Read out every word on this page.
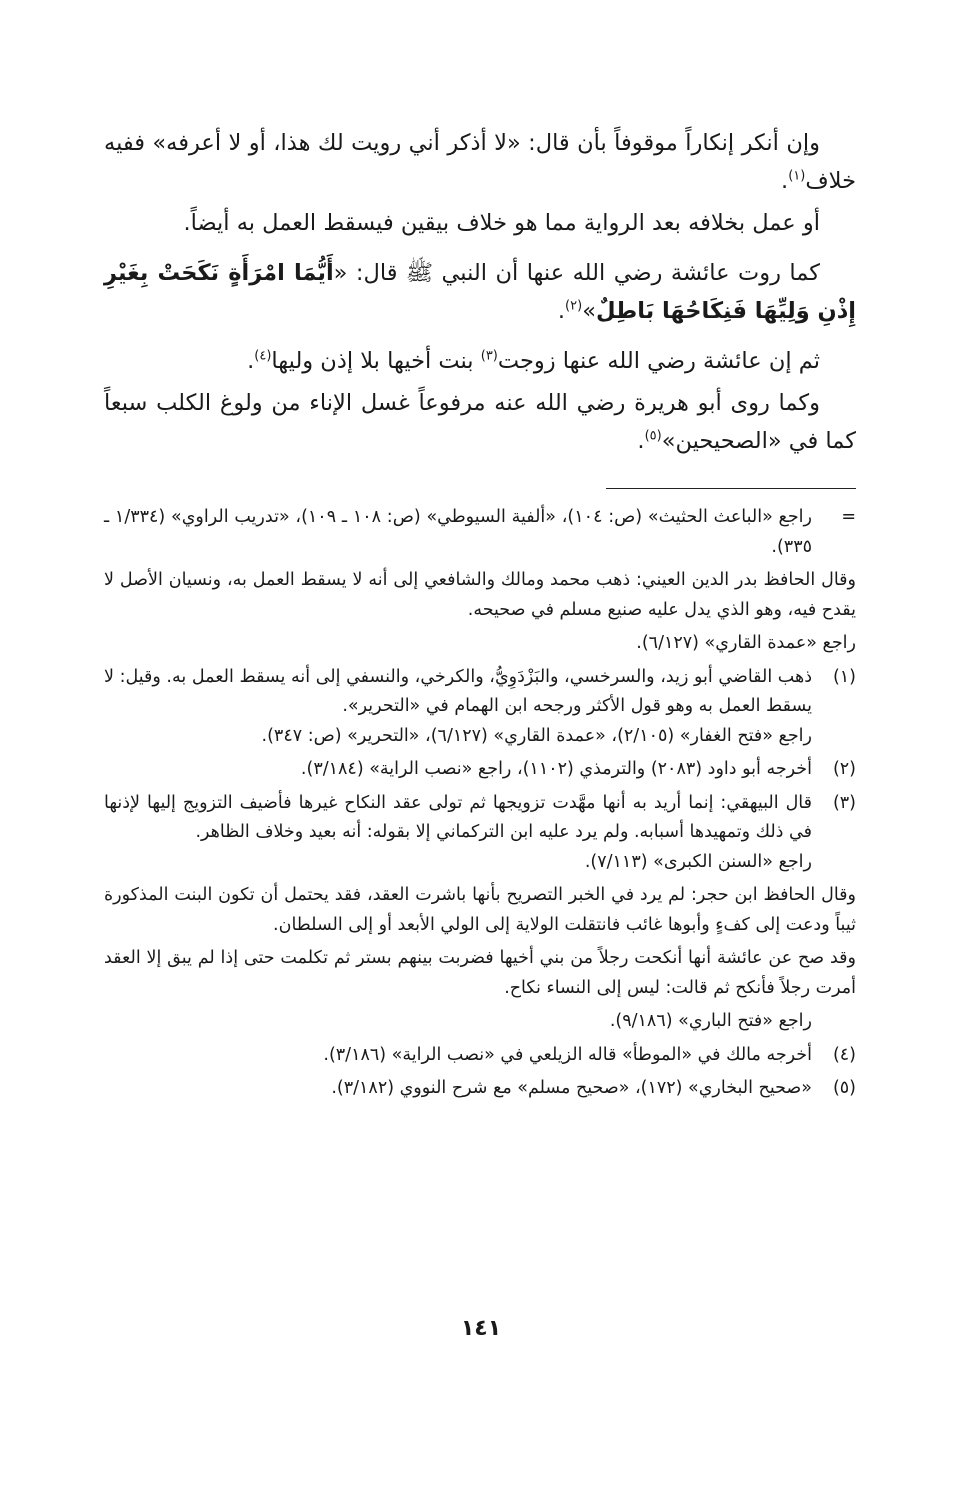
وإن أنكر إنكاراً موقوفاً بأن قال: «لا أذكر أني رويت لك هذا، أو لا أعرفه» ففيه خلاف$^{(١)}$.

أو عمل بخلافه بعد الرواية مما هو خلاف بيقين فيسقط العمل به أيضاً.

كما روت عائشة رضي الله عنها أن النبي ﷺ قال: «أَيُّمَا امْرَأَةٍ نَكَحَتْ بِغَيْرِ إِذْنِ وَلِيِّهَا فَنِكَاحُهَا بَاطِلٌ»$^{(٢)}$.

ثم إن عائشة رضي الله عنها زوجت$^{(٣)}$ بنت أخيها بلا إذن وليها$^{(٤)}$.

وكما روى أبو هريرة رضي الله عنه مرفوعاً غسل الإناء من ولوغ الكلب سبعاً كما في «الصحيحين»$^{(٥)}$.

=
راجع «الباعث الحثيث» (ص: ١٠٤)، «ألفية السيوطي» (ص: ١٠٨ ـ ١٠٩)، «تدريب الراوي» (١/٣٣٤ ـ ٣٣٥).
وقال الحافظ بدر الدين العيني: ذهب محمد ومالك والشافعي إلى أنه لا يسقط العمل به، ونسيان الأصل لا يقدح فيه، وهو الذي يدل عليه صنيع مسلم في صحيحه.
راجع «عمدة القاري» (٦/١٢٧).
(١)
ذهب القاضي أبو زيد، والسرخسي، والبَزْدَوِيُّ، والكرخي، والنسفي إلى أنه يسقط العمل به. وقيل: لا يسقط العمل به وهو قول الأكثر ورجحه ابن الهمام في «التحرير».
راجع «فتح الغفار» (٢/١٠٥)، «عمدة القاري» (٦/١٢٧)، «التحرير» (ص: ٣٤٧).
(٢)
أخرجه أبو داود (٢٠٨٣) والترمذي (١١٠٢)، راجع «نصب الراية» (٣/١٨٤).
(٣)
قال البيهقي: إنما أريد به أنها مهَّدت تزويجها ثم تولى عقد النكاح غيرها فأضيف التزويج إليها لإذنها في ذلك وتمهيدها أسبابه. ولم يرد عليه ابن التركماني إلا بقوله: أنه بعيد وخلاف الظاهر.
راجع «السنن الكبرى» (٧/١١٣).
وقال الحافظ ابن حجر: لم يرد في الخبر التصريح بأنها باشرت العقد، فقد يحتمل أن تكون البنت المذكورة ثيباً ودعت إلى كفءٍ وأبوها غائب فانتقلت الولاية إلى الولي الأبعد أو إلى السلطان.
وقد صح عن عائشة أنها أنكحت رجلاً من بني أخيها فضربت بينهم بستر ثم تكلمت حتى إذا لم يبق إلا العقد أمرت رجلاً فأنكح ثم قالت: ليس إلى النساء نكاح.
راجع «فتح الباري» (٩/١٨٦).
(٤)
أخرجه مالك في «الموطأ» قاله الزيلعي في «نصب الراية» (٣/١٨٦).
(٥)
«صحيح البخاري» (١٧٢)، «صحيح مسلم» مع شرح النووي (٣/١٨٢).
١٤١
